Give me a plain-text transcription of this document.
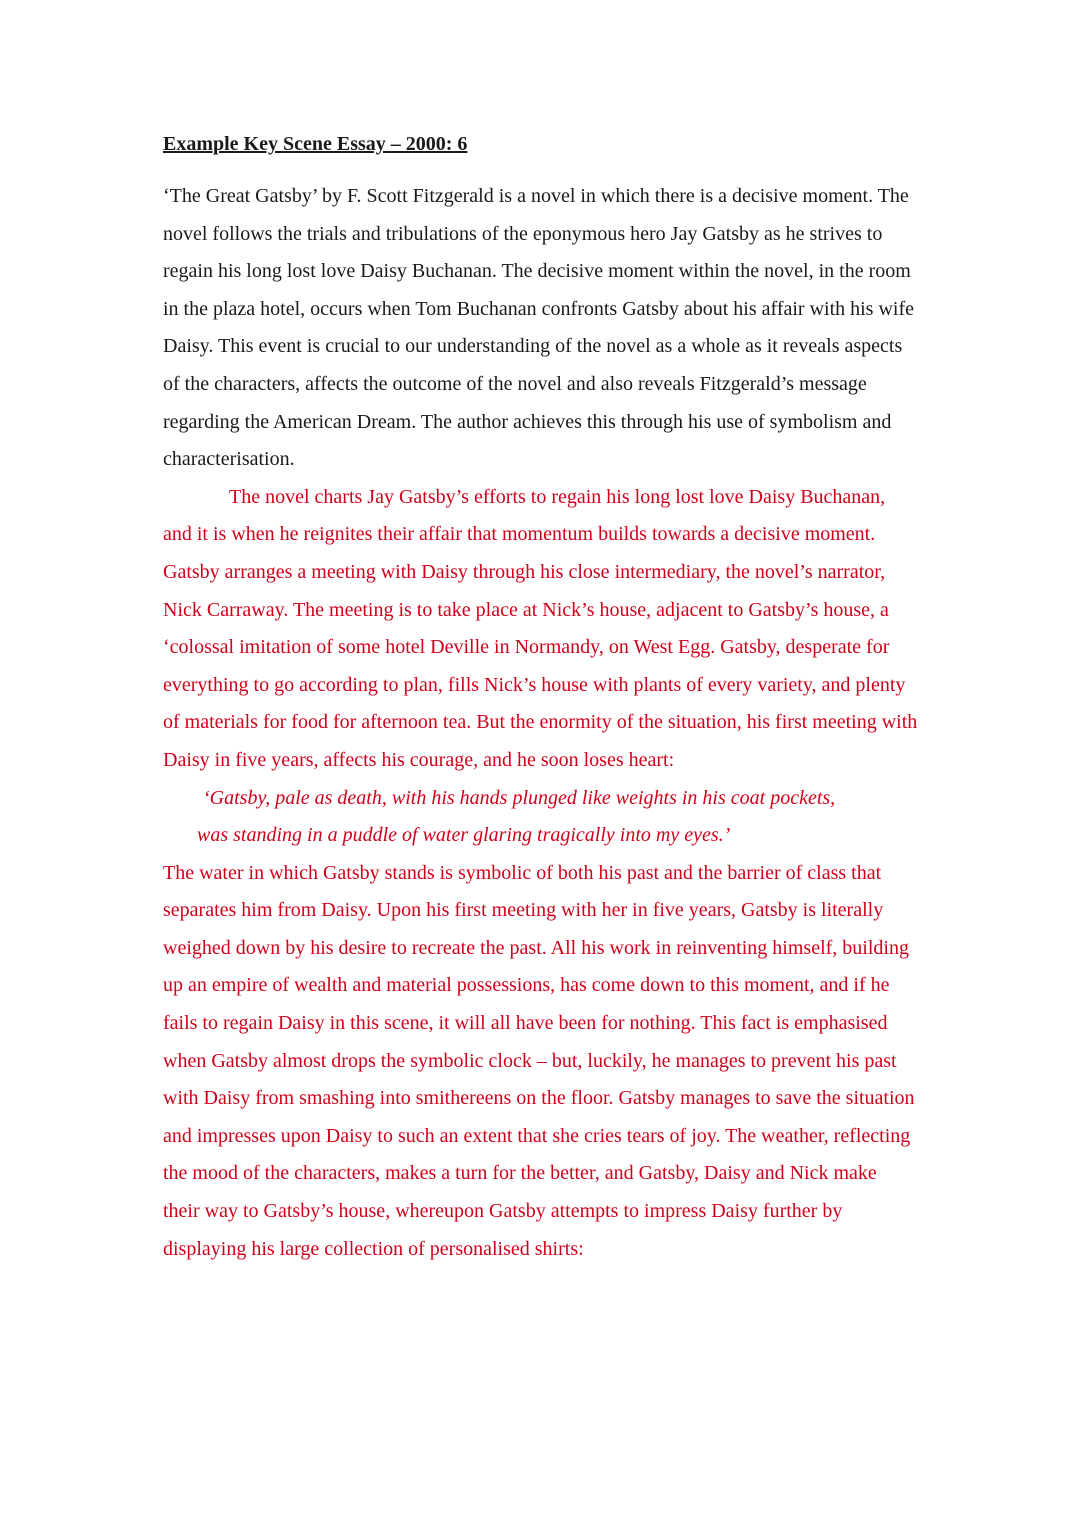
Example Key Scene Essay – 2000: 6

‘The Great Gatsby’ by F. Scott Fitzgerald is a novel in which there is a decisive moment. The novel follows the trials and tribulations of the eponymous hero Jay Gatsby as he strives to regain his long lost love Daisy Buchanan. The decisive moment within the novel, in the room in the plaza hotel, occurs when Tom Buchanan confronts Gatsby about his affair with his wife Daisy. This event is crucial to our understanding of the novel as a whole as it reveals aspects of the characters, affects the outcome of the novel and also reveals Fitzgerald’s message regarding the American Dream. The author achieves this through his use of symbolism and characterisation.

The novel charts Jay Gatsby’s efforts to regain his long lost love Daisy Buchanan, and it is when he reignites their affair that momentum builds towards a decisive moment. Gatsby arranges a meeting with Daisy through his close intermediary, the novel’s narrator, Nick Carraway. The meeting is to take place at Nick’s house, adjacent to Gatsby’s house, a ‘colossal imitation of some hotel Deville in Normandy, on West Egg. Gatsby, desperate for everything to go according to plan, fills Nick’s house with plants of every variety, and plenty of materials for food for afternoon tea. But the enormity of the situation, his first meeting with Daisy in five years, affects his courage, and he soon loses heart:

‘Gatsby, pale as death, with his hands plunged like weights in his coat pockets,
was standing in a puddle of water glaring tragically into my eyes.’

The water in which Gatsby stands is symbolic of both his past and the barrier of class that separates him from Daisy. Upon his first meeting with her in five years, Gatsby is literally weighed down by his desire to recreate the past. All his work in reinventing himself, building up an empire of wealth and material possessions, has come down to this moment, and if he fails to regain Daisy in this scene, it will all have been for nothing. This fact is emphasised when Gatsby almost drops the symbolic clock – but, luckily, he manages to prevent his past with Daisy from smashing into smithereens on the floor. Gatsby manages to save the situation and impresses upon Daisy to such an extent that she cries tears of joy. The weather, reflecting the mood of the characters, makes a turn for the better, and Gatsby, Daisy and Nick make their way to Gatsby’s house, whereupon Gatsby attempts to impress Daisy further by displaying his large collection of personalised shirts:
